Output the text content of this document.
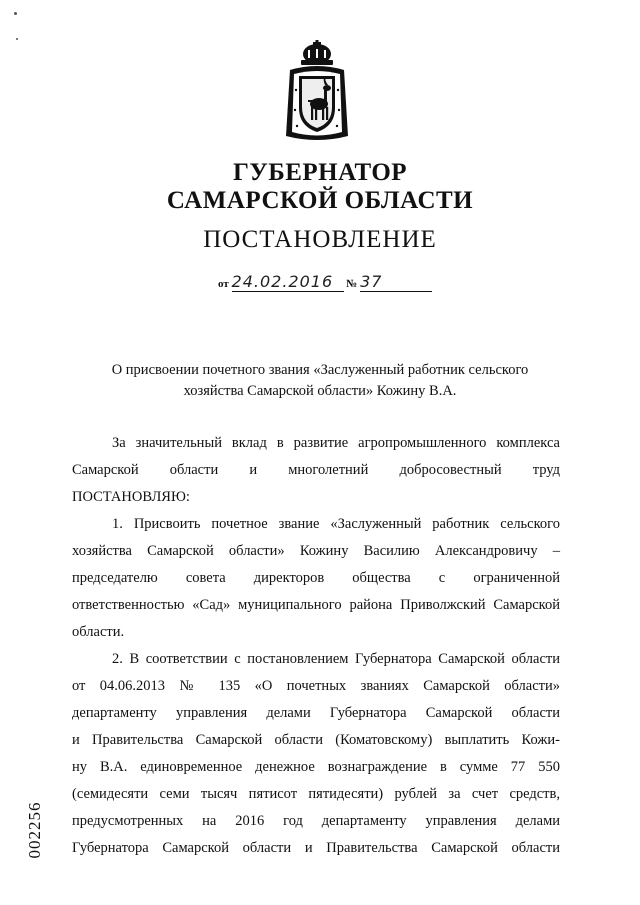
ГУБЕРНАТОР
САМАРСКОЙ ОБЛАСТИ
ПОСТАНОВЛЕНИЕ
от 24.02.2016 № 37
О присвоении почетного звания «Заслуженный работник сельского
хозяйства Самарской области» Кожину В.А.
За значительный вклад в развитие агропромышленного комплекса
Самарской области и многолетний добросовестный труд
ПОСТАНОВЛЯЮ:
1. Присвоить почетное звание «Заслуженный работник сельского
хозяйства Самарской области» Кожину Василию Александровичу –
председателю совета директоров общества с ограниченной
ответственностью «Сад» муниципального района Приволжский Самарской
области.
2. В соответствии с постановлением Губернатора Самарской области
от 04.06.2013 № 135 «О почетных званиях Самарской области»
департаменту управления делами Губернатора Самарской области
и Правительства Самарской области (Коматовскому) выплатить Кожи-
ну В.А. единовременное денежное вознаграждение в сумме 77 550
(семидесяти семи тысяч пятисот пятидесяти) рублей за счет средств,
предусмотренных на 2016 год департаменту управления делами
Губернатора Самарской области и Правительства Самарской области
002256
